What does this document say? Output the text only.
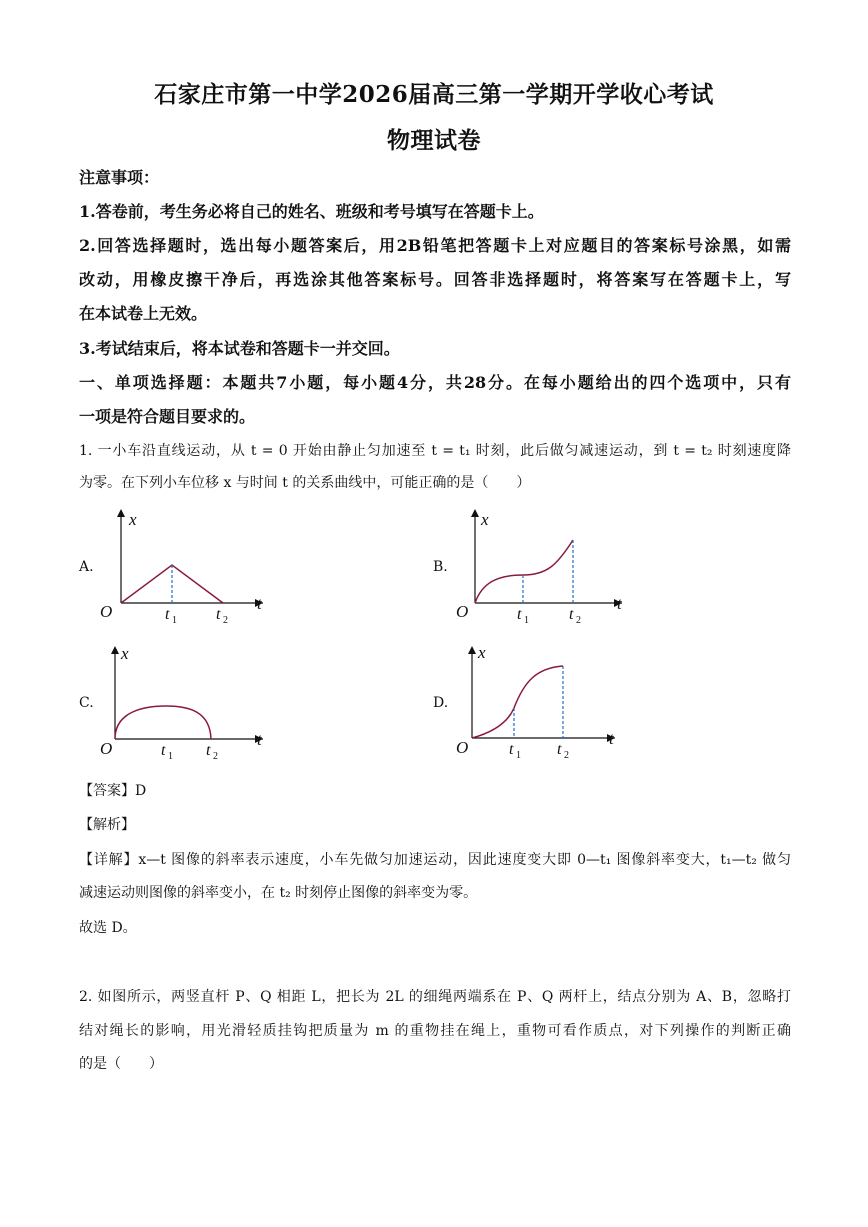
石家庄市第一中学2026届高三第一学期开学收心考试
物理试卷
注意事项：
1.答卷前，考生务必将自己的姓名、班级和考号填写在答题卡上。
2.回答选择题时，选出每小题答案后，用2B铅笔把答题卡上对应题目的答案标号涂黑，如需
改动，用橡皮擦干净后，再选涂其他答案标号。回答非选择题时，将答案写在答题卡上，写
在本试卷上无效。
3.考试结束后，将本试卷和答题卡一并交回。
一、单项选择题：本题共7小题，每小题4分，共28分。在每小题给出的四个选项中，只有
一项是符合题目要求的。
1. 一小车沿直线运动，从 t = 0 开始由静止匀加速至 t = t₁ 时刻，此后做匀减速运动，到 t = t₂ 时刻速度降
为零。在下列小车位移 x 与时间 t 的关系曲线中，可能正确的是（　　）
A.	B.
C.	D.
x
t
O	t 1 t 2
x
t
O	t 1	t 2
x
t
O	t 1 t 2
x
t
O	t 1 t 2
【答案】D
【解析】
【详解】x—t 图像的斜率表示速度，小车先做匀加速运动，因此速度变大即 0—t₁ 图像斜率变大，t₁—t₂ 做匀
减速运动则图像的斜率变小，在 t₂ 时刻停止图像的斜率变为零。
故选 D。
2. 如图所示，两竖直杆 P、Q 相距 L，把长为 2L 的细绳两端系在 P、Q 两杆上，结点分别为 A、B，忽略打
结对绳长的影响，用光滑轻质挂钩把质量为 m 的重物挂在绳上，重物可看作质点，对下列操作的判断正确
的是（　　）
